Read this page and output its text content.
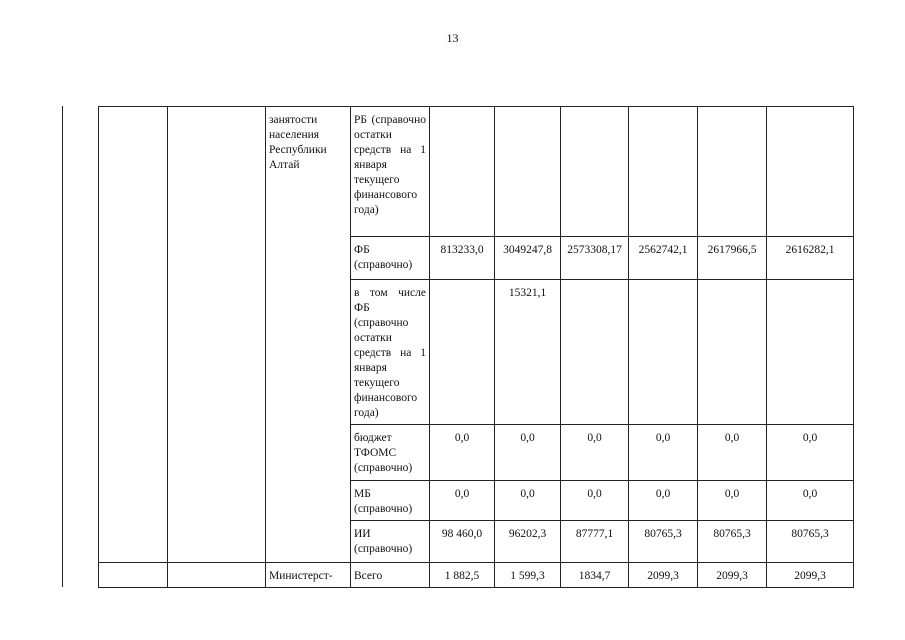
13
		занятости населения Республики Алтай	РБ (справочно остатки средств на 1 января текущего финансового года)						
			ФБ (справочно)	813233,0	3049247,8	2573308,17	2562742,1	2617966,5	2616282,1
			в том числе ФБ (справочно остатки средств на 1 января текущего финансового года)		15321,1				
			бюджет ТФОМС (справочно)	0,0	0,0	0,0	0,0	0,0	0,0
			МБ (справочно)	0,0	0,0	0,0	0,0	0,0	0,0
			ИИ (справочно)	98 460,0	96202,3	87777,1	80765,3	80765,3	80765,3
		Министерст-	Всего	1 882,5	1 599,3	1834,7	2099,3	2099,3	2099,3
